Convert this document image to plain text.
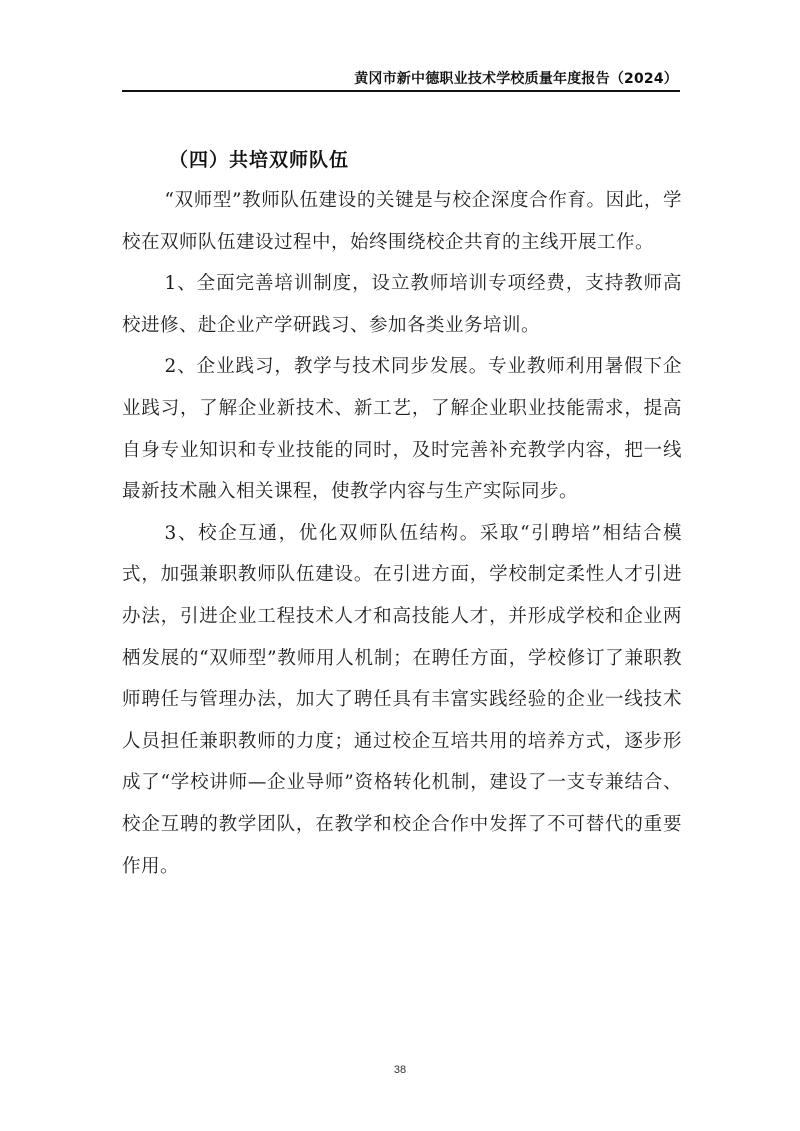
黄冈市新中德职业技术学校质量年度报告（2024）
（四）共培双师队伍

“双师型”教师队伍建设的关键是与校企深度合作育。因此，学校在双师队伍建设过程中，始终围绕校企共育的主线开展工作。

1、全面完善培训制度，设立教师培训专项经费，支持教师高校进修、赴企业产学研践习、参加各类业务培训。

2、企业践习，教学与技术同步发展。专业教师利用暑假下企业践习，了解企业新技术、新工艺，了解企业职业技能需求，提高自身专业知识和专业技能的同时，及时完善补充教学内容，把一线最新技术融入相关课程，使教学内容与生产实际同步。

3、校企互通，优化双师队伍结构。采取“引聘培”相结合模式，加强兼职教师队伍建设。在引进方面，学校制定柔性人才引进办法，引进企业工程技术人才和高技能人才，并形成学校和企业两栖发展的“双师型”教师用人机制；在聘任方面，学校修订了兼职教师聘任与管理办法，加大了聘任具有丰富实践经验的企业一线技术人员担任兼职教师的力度；通过校企互培共用的培养方式，逐步形成了“学校讲师—企业导师”资格转化机制，建设了一支专兼结合、校企互聘的教学团队，在教学和校企合作中发挥了不可替代的重要作用。

38
